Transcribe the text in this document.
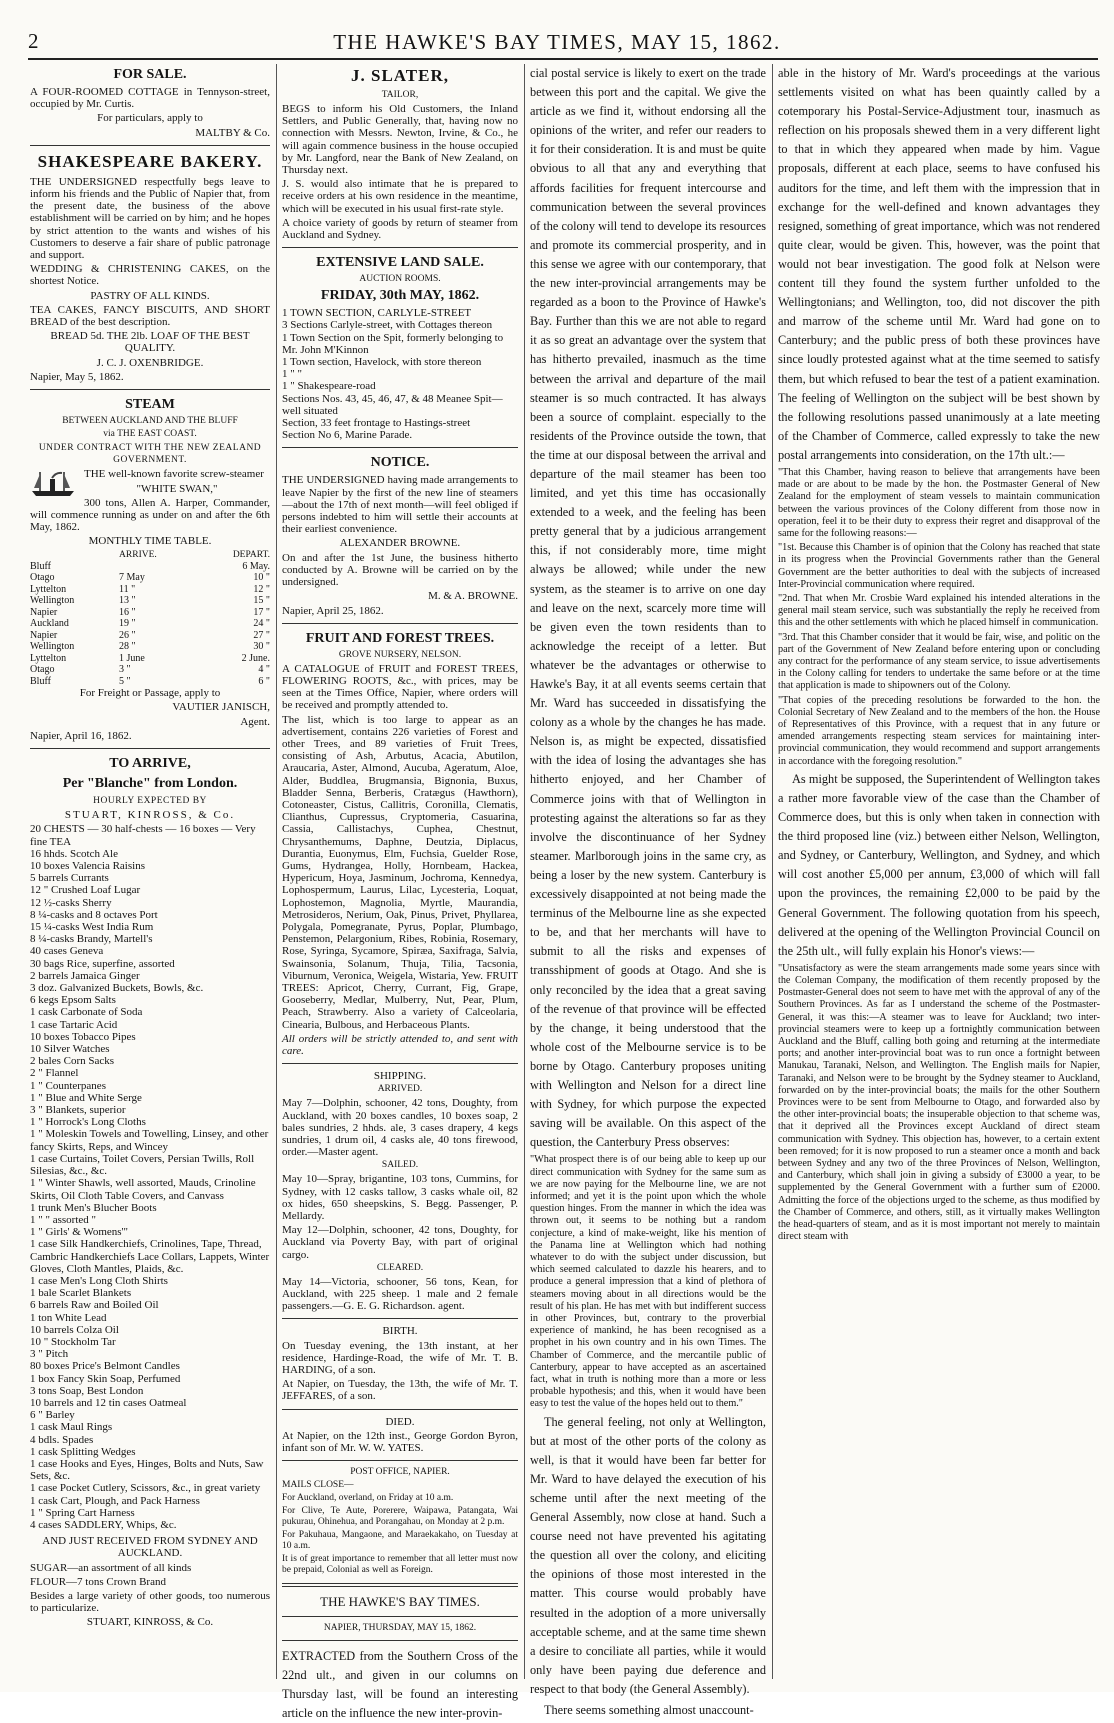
2	THE HAWKE'S BAY TIMES, MAY 15, 1862.
FOR SALE.

A FOUR-ROOMED COTTAGE in Tennyson-street, occupied by Mr. Curtis.

For particulars, apply to

MALTBY & Co.

SHAKESPEARE BAKERY.

THE UNDERSIGNED respectfully begs leave to inform his friends and the Public of Napier that, from the present date, the business of the above establishment will be carried on by him; and he hopes by strict attention to the wants and wishes of his Customers to deserve a fair share of public patronage and support.

WEDDING & CHRISTENING CAKES, on the shortest Notice.

PASTRY OF ALL KINDS.

TEA CAKES, FANCY BISCUITS, AND SHORT BREAD of the best description.

BREAD 5d. THE 2lb. LOAF OF THE BEST QUALITY.

J. C. J. OXENBRIDGE.

Napier, May 5, 1862.

STEAM

BETWEEN AUCKLAND AND THE BLUFF

via THE EAST COAST.

UNDER CONTRACT WITH THE NEW ZEALAND GOVERNMENT.

THE well-known favorite screw-steamer

"WHITE SWAN,"

300 tons, Allen A. Harper, Commander, will commence running as under on and after the 6th May, 1862.

MONTHLY TIME TABLE.

	ARRIVE.	DEPART.
Bluff		6 May.
Otago	7 May	10 "
Lyttelton	11 "	12 "
Wellington	13 "	15 "
Napier	16 "	17 "
Auckland	19 "	24 "
Napier	26 "	27 "
Wellington	28 "	30 "
Lyttelton	1 June	2 June.
Otago	3 "	4 "
Bluff	5 "	6 "

For Freight or Passage, apply to

VAUTIER JANISCH,

Agent.

Napier, April 16, 1862.

TO ARRIVE,
Per "Blanche" from London.

HOURLY EXPECTED BY

STUART, KINROSS, & Co.

20 CHESTS — 30 half-chests — 16 boxes — Very fine TEA
16 hhds. Scotch Ale
10 boxes Valencia Raisins
5 barrels Currants
12 " Crushed Loaf Lugar
12 ½-casks Sherry
8 ¼-casks and 8 octaves Port
15 ¼-casks West India Rum
8 ¼-casks Brandy, Martell's
40 cases Geneva
30 bags Rice, superfine, assorted
2 barrels Jamaica Ginger
3 doz. Galvanized Buckets, Bowls, &c.
6 kegs Epsom Salts
1 cask Carbonate of Soda
1 case Tartaric Acid
10 boxes Tobacco Pipes
10 Silver Watches
2 bales Corn Sacks
2 " Flannel
1 " Counterpanes
1 " Blue and White Serge
3 " Blankets, superior
1 " Horrock's Long Cloths
1 " Moleskin Towels and Towelling, Linsey, and other fancy Skirts, Reps, and Wincey
1 case Curtains, Toilet Covers, Persian Twills, Roll Silesias, &c., &c.
1 " Winter Shawls, well assorted, Mauds, Crinoline Skirts, Oil Cloth Table Covers, and Canvass
1 trunk Men's Blucher Boots
1 " " assorted "
1 " Girls' & Womens'"
1 case Silk Handkerchiefs, Crinolines, Tape, Thread, Cambric Handkerchiefs Lace Collars, Lappets, Winter Gloves, Cloth Mantles, Plaids, &c.
1 case Men's Long Cloth Shirts
1 bale Scarlet Blankets
6 barrels Raw and Boiled Oil
1 ton White Lead
10 barrels Colza Oil
10 " Stockholm Tar
3 " Pitch
80 boxes Price's Belmont Candles
1 box Fancy Skin Soap, Perfumed
3 tons Soap, Best London
10 barrels and 12 tin cases Oatmeal
6 " Barley
1 cask Maul Rings
4 bdls. Spades
1 cask Splitting Wedges
1 case Hooks and Eyes, Hinges, Bolts and Nuts, Saw Sets, &c.
1 case Pocket Cutlery, Scissors, &c., in great variety
1 cask Cart, Plough, and Pack Harness
1 " Spring Cart Harness
4 cases SADDLERY, Whips, &c.

AND JUST RECEIVED FROM SYDNEY AND AUCKLAND.

SUGAR—an assortment of all kinds

FLOUR—7 tons Crown Brand

Besides a large variety of other goods, too numerous to particularize.

STUART, KINROSS, & Co.

J. SLATER,

TAILOR,

BEGS to inform his Old Customers, the Inland Settlers, and Public Generally, that, having now no connection with Messrs. Newton, Irvine, & Co., he will again commence business in the house occupied by Mr. Langford, near the Bank of New Zealand, on Thursday next.

J. S. would also intimate that he is prepared to receive orders at his own residence in the meantime, which will be executed in his usual first-rate style.

A choice variety of goods by return of steamer from Auckland and Sydney.

EXTENSIVE LAND SALE.

AUCTION ROOMS.

FRIDAY, 30th MAY, 1862.
1 TOWN SECTION, CARLYLE-STREET
3 Sections Carlyle-street, with Cottages thereon
1 Town Section on the Spit, formerly belonging to Mr. John M'Kinnon
1 Town section, Havelock, with store thereon
1 " "
1 " Shakespeare-road
Sections Nos. 43, 45, 46, 47, & 48 Meanee Spit—well situated
Section, 33 feet frontage to Hastings-street
Section No 6, Marine Parade.
NOTICE.

THE UNDERSIGNED having made arrangements to leave Napier by the first of the new line of steamers—about the 17th of next month—will feel obliged if persons indebted to him will settle their accounts at their earliest convenience.

ALEXANDER BROWNE.

On and after the 1st June, the business hitherto conducted by A. Browne will be carried on by the undersigned.

M. & A. BROWNE.

Napier, April 25, 1862.

FRUIT AND FOREST TREES.

GROVE NURSERY, NELSON.

A CATALOGUE of FRUIT and FOREST TREES, FLOWERING ROOTS, &c., with prices, may be seen at the Times Office, Napier, where orders will be received and promptly attended to.

The list, which is too large to appear as an advertisement, contains 226 varieties of Forest and other Trees, and 89 varieties of Fruit Trees, consisting of Ash, Arbutus, Acacia, Abutilon, Araucaria, Aster, Almond, Aucuba, Ageratum, Aloe, Alder, Buddlea, Brugmansia, Bignonia, Buxus, Bladder Senna, Berberis, Cratægus (Hawthorn), Cotoneaster, Cistus, Callitris, Coronilla, Clematis, Clianthus, Cupressus, Cryptomeria, Casuarina, Cassia, Callistachys, Cuphea, Chestnut, Chrysanthemums, Daphne, Deutzia, Diplacus, Durantia, Euonymus, Elm, Fuchsia, Guelder Rose, Gums, Hydrangea, Holly, Hornbeam, Hackea, Hypericum, Hoya, Jasminum, Jochroma, Kennedya, Lophospermum, Laurus, Lilac, Lycesteria, Loquat, Lophostemon, Magnolia, Myrtle, Maurandia, Metrosideros, Nerium, Oak, Pinus, Privet, Phyllarea, Polygala, Pomegranate, Pyrus, Poplar, Plumbago, Penstemon, Pelargonium, Ribes, Robinia, Rosemary, Rose, Syringa, Sycamore, Spiræa, Saxifraga, Salvia, Swainsonia, Solanum, Thuja, Tilia, Tacsonia, Viburnum, Veronica, Weigela, Wistaria, Yew. FRUIT TREES: Apricot, Cherry, Currant, Fig, Grape, Gooseberry, Medlar, Mulberry, Nut, Pear, Plum, Peach, Strawberry. Also a variety of Calceolaria, Cinearia, Bulbous, and Herbaceous Plants.

All orders will be strictly attended to, and sent with care.

SHIPPING.

ARRIVED.

May 7—Dolphin, schooner, 42 tons, Doughty, from Auckland, with 20 boxes candles, 10 boxes soap, 2 bales sundries, 2 hhds. ale, 3 cases drapery, 4 kegs sundries, 1 drum oil, 4 casks ale, 40 tons firewood, order.—Master agent.

SAILED.

May 10—Spray, brigantine, 103 tons, Cummins, for Sydney, with 12 casks tallow, 3 casks whale oil, 82 ox hides, 650 sheepskins, S. Begg. Passenger, P. Mellardy.

May 12—Dolphin, schooner, 42 tons, Doughty, for Auckland via Poverty Bay, with part of original cargo.

CLEARED.

May 14—Victoria, schooner, 56 tons, Kean, for Auckland, with 225 sheep. 1 male and 2 female passengers.—G. E. G. Richardson. agent.

BIRTH.

On Tuesday evening, the 13th instant, at her residence, Hardinge-Road, the wife of Mr. T. B. HARDING, of a son.

At Napier, on Tuesday, the 13th, the wife of Mr. T. JEFFARES, of a son.

DIED.

At Napier, on the 12th inst., George Gordon Byron, infant son of Mr. W. W. YATES.

POST OFFICE, NAPIER.

MAILS CLOSE—

For Auckland, overland, on Friday at 10 a.m.

For Clive, Te Aute, Porerere, Waipawa, Patangata, Wai pukurau, Ohinehua, and Porangahau, on Monday at 2 p.m.

For Pakuhaua, Mangaone, and Maraekakaho, on Tuesday at 10 a.m.

It is of great importance to remember that all letter must now be prepaid, Colonial as well as Foreign.

THE HAWKE'S BAY TIMES.

NAPIER, THURSDAY, MAY 15, 1862.

EXTRACTED from the Southern Cross of the 22nd ult., and given in our columns on Thursday last, will be found an interesting article on the influence the new inter-provin-

cial postal service is likely to exert on the trade between this port and the capital. We give the article as we find it, without endorsing all the opinions of the writer, and refer our readers to it for their consideration. It is and must be quite obvious to all that any and everything that affords facilities for frequent intercourse and communication between the several provinces of the colony will tend to develope its resources and promote its commercial prosperity, and in this sense we agree with our contemporary, that the new inter-provincial arrangements may be regarded as a boon to the Province of Hawke's Bay. Further than this we are not able to regard it as so great an advantage over the system that has hitherto prevailed, inasmuch as the time between the arrival and departure of the mail steamer is so much contracted. It has always been a source of complaint. especially to the residents of the Province outside the town, that the time at our disposal between the arrival and departure of the mail steamer has been too limited, and yet this time has occasionally extended to a week, and the feeling has been pretty general that by a judicious arrangement this, if not considerably more, time might always be allowed; while under the new system, as the steamer is to arrive on one day and leave on the next, scarcely more time will be given even the town residents than to acknowledge the receipt of a letter. But whatever be the advantages or otherwise to Hawke's Bay, it at all events seems certain that Mr. Ward has succeeded in dissatisfying the colony as a whole by the changes he has made. Nelson is, as might be expected, dissatisfied with the idea of losing the advantages she has hitherto enjoyed, and her Chamber of Commerce joins with that of Wellington in protesting against the alterations so far as they involve the discontinuance of her Sydney steamer. Marlborough joins in the same cry, as being a loser by the new system. Canterbury is excessively disappointed at not being made the terminus of the Melbourne line as she expected to be, and that her merchants will have to submit to all the risks and expenses of transshipment of goods at Otago. And she is only reconciled by the idea that a great saving of the revenue of that province will be effected by the change, it being understood that the whole cost of the Melbourne service is to be borne by Otago. Canterbury proposes uniting with Wellington and Nelson for a direct line with Sydney, for which purpose the expected saving will be available. On this aspect of the question, the Canterbury Press observes:

"What prospect there is of our being able to keep up our direct communication with Sydney for the same sum as we are now paying for the Melbourne line, we are not informed; and yet it is the point upon which the whole question hinges. From the manner in which the idea was thrown out, it seems to be nothing but a random conjecture, a kind of make-weight, like his mention of the Panama line at Wellington which had nothing whatever to do with the subject under discussion, but which seemed calculated to dazzle his hearers, and to produce a general impression that a kind of plethora of steamers moving about in all directions would be the result of his plan. He has met with but indifferent success in other Provinces, but, contrary to the proverbial experience of mankind, he has been recognised as a prophet in his own country and in his own Times. The Chamber of Commerce, and the mercantile public of Canterbury, appear to have accepted as an ascertained fact, what in truth is nothing more than a more or less probable hypothesis; and this, when it would have been easy to test the value of the hopes held out to them."

The general feeling, not only at Wellington, but at most of the other ports of the colony as well, is that it would have been far better for Mr. Ward to have delayed the execution of his scheme until after the next meeting of the General Assembly, now close at hand. Such a course need not have prevented his agitating the question all over the colony, and eliciting the opinions of those most interested in the matter. This course would probably have resulted in the adoption of a more universally acceptable scheme, and at the same time shewn a desire to conciliate all parties, while it would only have been paying due deference and respect to that body (the General Assembly).

There seems something almost unaccount-

able in the history of Mr. Ward's proceedings at the various settlements visited on what has been quaintly called by a cotemporary his Postal-Service-Adjustment tour, inasmuch as reflection on his proposals shewed them in a very different light to that in which they appeared when made by him. Vague proposals, different at each place, seems to have confused his auditors for the time, and left them with the impression that in exchange for the well-defined and known advantages they resigned, something of great importance, which was not rendered quite clear, would be given. This, however, was the point that would not bear investigation. The good folk at Nelson were content till they found the system further unfolded to the Wellingtonians; and Wellington, too, did not discover the pith and marrow of the scheme until Mr. Ward had gone on to Canterbury; and the public press of both these provinces have since loudly protested against what at the time seemed to satisfy them, but which refused to bear the test of a patient examination. The feeling of Wellington on the subject will be best shown by the following resolutions passed unanimously at a late meeting of the Chamber of Commerce, called expressly to take the new postal arrangements into consideration, on the 17th ult.:—

"That this Chamber, having reason to believe that arrangements have been made or are about to be made by the hon. the Postmaster General of New Zealand for the employment of steam vessels to maintain communication between the various provinces of the Colony different from those now in operation, feel it to be their duty to express their regret and disapproval of the same for the following reasons:—

"1st. Because this Chamber is of opinion that the Colony has reached that state in its progress when the Provincial Governments rather than the General Government are the better authorities to deal with the subjects of increased Inter-Provincial communication where required.

"2nd. That when Mr. Crosbie Ward explained his intended alterations in the general mail steam service, such was substantially the reply he received from this and the other settlements with which he placed himself in communication.

"3rd. That this Chamber consider that it would be fair, wise, and politic on the part of the Government of New Zealand before entering upon or concluding any contract for the performance of any steam service, to issue advertisements in the Colony calling for tenders to undertake the same before or at the time that application is made to shipowners out of the Colony.

"That copies of the preceding resolutions be forwarded to the hon. the Colonial Secretary of New Zealand and to the members of the hon. the House of Representatives of this Province, with a request that in any future or amended arrangements respecting steam services for maintaining inter-provincial communication, they would recommend and support arrangements in accordance with the foregoing resolution."

As might be supposed, the Superintendent of Wellington takes a rather more favorable view of the case than the Chamber of Commerce does, but this is only when taken in connection with the third proposed line (viz.) between either Nelson, Wellington, and Sydney, or Canterbury, Wellington, and Sydney, and which will cost another £5,000 per annum, £3,000 of which will fall upon the provinces, the remaining £2,000 to be paid by the General Government. The following quotation from his speech, delivered at the opening of the Wellington Provincial Council on the 25th ult., will fully explain his Honor's views:—

"Unsatisfactory as were the steam arrangements made some years since with the Coleman Company, the modification of them recently proposed by the Postmaster-General does not seem to have met with the approval of any of the Southern Provinces. As far as I understand the scheme of the Postmaster-General, it was this:—A steamer was to leave for Auckland; two inter-provincial steamers were to keep up a fortnightly communication between Auckland and the Bluff, calling both going and returning at the intermediate ports; and another inter-provincial boat was to run once a fortnight between Manukau, Taranaki, Nelson, and Wellington. The English mails for Napier, Taranaki, and Nelson were to be brought by the Sydney steamer to Auckland, forwarded on by the inter-provincial boats; the mails for the other Southern Provinces were to be sent from Melbourne to Otago, and forwarded also by the other inter-provincial boats; the insuperable objection to that scheme was, that it deprived all the Provinces except Auckland of direct steam communication with Sydney. This objection has, however, to a certain extent been removed; for it is now proposed to run a steamer once a month and back between Sydney and any two of the three Provinces of Nelson, Wellington, and Canterbury, which shall join in giving a subsidy of £3000 a year, to be supplemented by the General Government with a further sum of £2000. Admitting the force of the objections urged to the scheme, as thus modified by the Chamber of Commerce, and others, still, as it virtually makes Wellington the head-quarters of steam, and as it is most important not merely to maintain direct steam with
